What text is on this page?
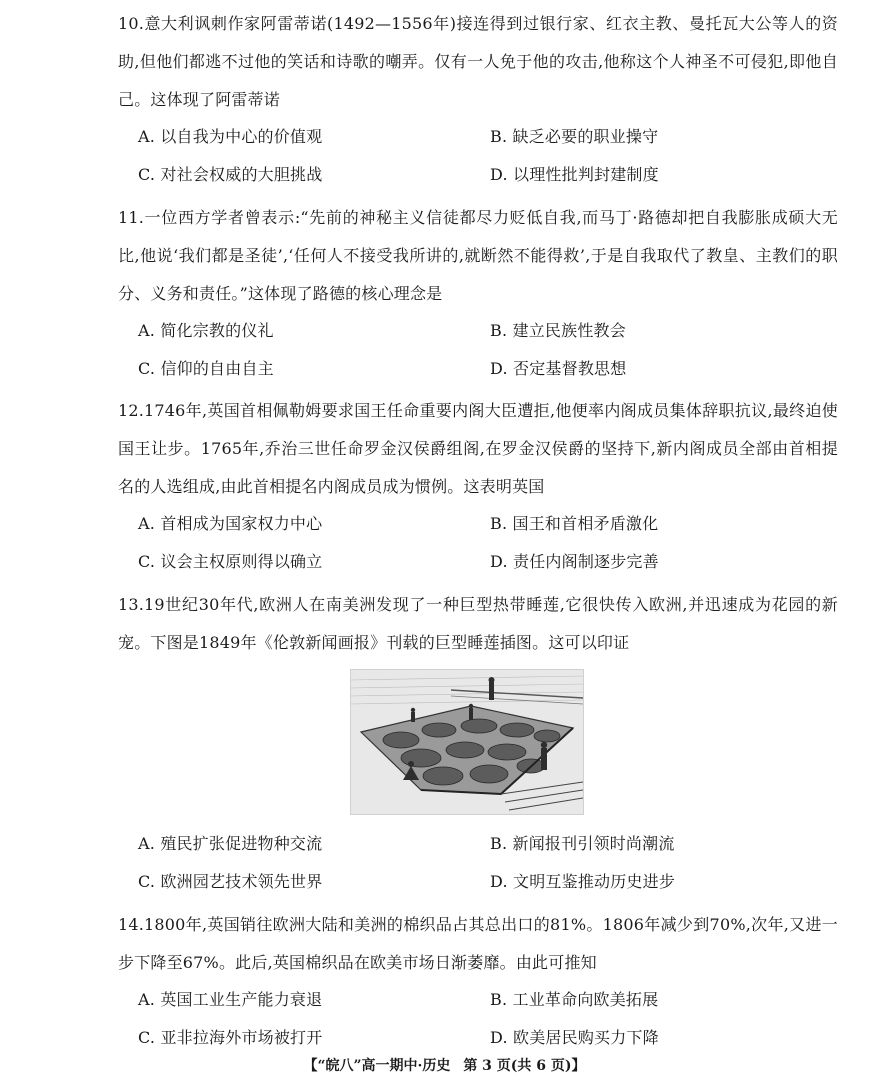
10.意大利讽刺作家阿雷蒂诺(1492—1556年)接连得到过银行家、红衣主教、曼托瓦大公等人的资助,但他们都逃不过他的笑话和诗歌的嘲弄。仅有一人免于他的攻击,他称这个人神圣不可侵犯,即他自己。这体现了阿雷蒂诺

A. 以自我为中心的价值观	B. 缺乏必要的职业操守
C. 对社会权威的大胆挑战	D. 以理性批判封建制度

11.一位西方学者曾表示:“先前的神秘主义信徒都尽力贬低自我,而马丁·路德却把自我膨胀成硕大无比,他说‘我们都是圣徒’,‘任何人不接受我所讲的,就断然不能得救’,于是自我取代了教皇、主教们的职分、义务和责任。”这体现了路德的核心理念是

A. 简化宗教的仪礼	B. 建立民族性教会
C. 信仰的自由自主	D. 否定基督教思想

12.1746年,英国首相佩勒姆要求国王任命重要内阁大臣遭拒,他便率内阁成员集体辞职抗议,最终迫使国王让步。1765年,乔治三世任命罗金汉侯爵组阁,在罗金汉侯爵的坚持下,新内阁成员全部由首相提名的人选组成,由此首相提名内阁成员成为惯例。这表明英国

A. 首相成为国家权力中心	B. 国王和首相矛盾激化
C. 议会主权原则得以确立	D. 责任内阁制逐步完善

13.19世纪30年代,欧洲人在南美洲发现了一种巨型热带睡莲,它很快传入欧洲,并迅速成为花园的新宠。下图是1849年《伦敦新闻画报》刊载的巨型睡莲插图。这可以印证

A. 殖民扩张促进物种交流	B. 新闻报刊引领时尚潮流
C. 欧洲园艺技术领先世界	D. 文明互鉴推动历史进步

14.1800年,英国销往欧洲大陆和美洲的棉织品占其总出口的81%。1806年减少到70%,次年,又进一步下降至67%。此后,英国棉织品在欧美市场日渐萎靡。由此可推知

A. 英国工业生产能力衰退	B. 工业革命向欧美拓展
C. 亚非拉海外市场被打开	D. 欧美居民购买力下降
【“皖八”高一期中·历史 第 3 页(共 6 页)】
